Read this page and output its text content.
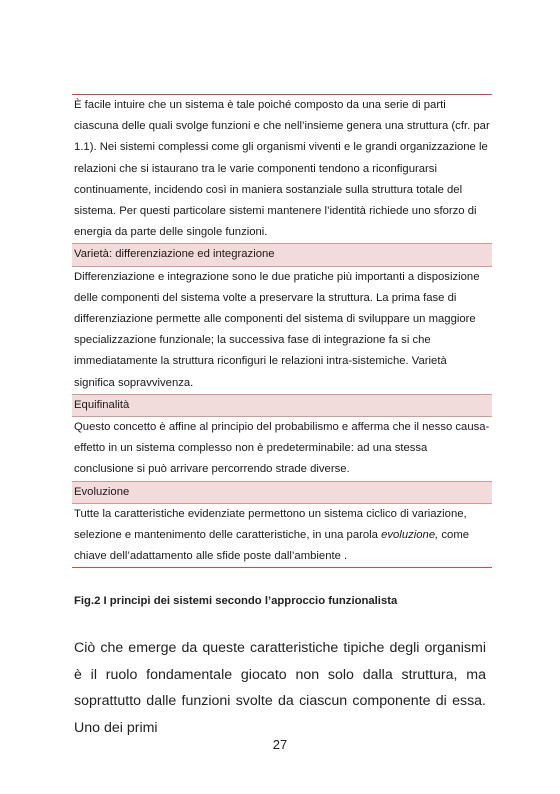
È facile intuire che un sistema è tale poiché composto da una serie di parti ciascuna delle quali svolge funzioni e che nell’insieme genera una struttura (cfr. par 1.1). Nei sistemi complessi come gli organismi viventi e le grandi organizzazione le relazioni che si istaurano tra le varie componenti tendono a riconfigurarsi continuamente, incidendo così in maniera sostanziale sulla struttura totale del sistema. Per questi particolare sistemi mantenere l’identità richiede uno sforzo di energia da parte delle singole funzioni.
Varietà: differenziazione ed integrazione
Differenziazione e integrazione sono le due pratiche più importanti a disposizione delle componenti del sistema volte a preservare la struttura. La prima fase di differenziazione permette alle componenti del sistema di sviluppare un maggiore specializzazione funzionale; la successiva fase di integrazione fa si che immediatamente la struttura riconfiguri le relazioni intra-sistemiche. Varietà significa sopravvivenza.
Equifinalità
Questo concetto è affine al principio del probabilismo e afferma che il nesso causa-effetto in un sistema complesso non è predeterminabile: ad una stessa conclusione si può arrivare percorrendo strade diverse.
Evoluzione
Tutte la caratteristiche evidenziate permettono un sistema ciclico di variazione, selezione e mantenimento delle caratteristiche, in una parola evoluzione, come chiave dell’adattamento alle sfide poste dall’ambiente .
Fig.2 I principi dei sistemi secondo l’approccio funzionalista
Ciò che emerge da queste caratteristiche tipiche degli organismi è il ruolo fondamentale giocato non solo dalla struttura, ma soprattutto dalle funzioni svolte da ciascun componente di essa. Uno dei primi
27
